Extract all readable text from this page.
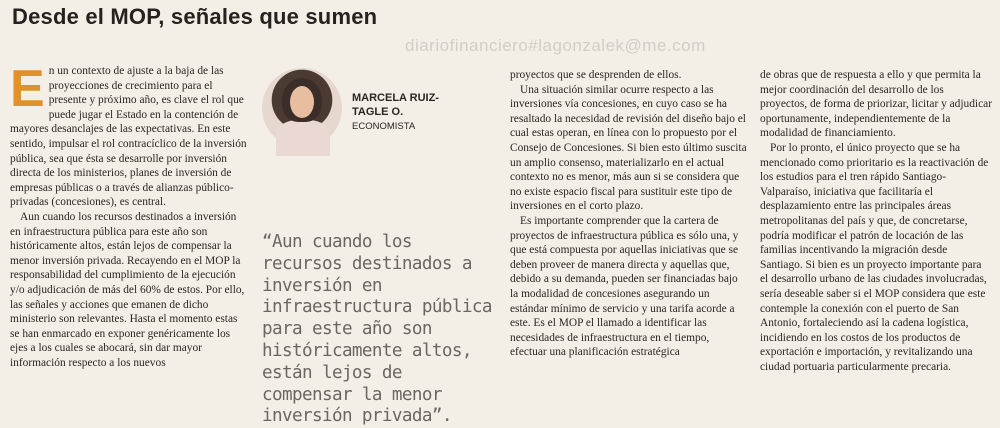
Desde el MOP, señales que sumen
diariofinanciero#lagonzalek@me.com

En un contexto de ajuste a la baja de las proyecciones de crecimiento para el presente y próximo año, es clave el rol que puede jugar el Estado en la contención de mayores desanclajes de las expectativas. En este sentido, impulsar el rol contracíclico de la inversión pública, sea que ésta se desarrolle por inversión directa de los ministerios, planes de inversión de empresas públicas o a través de alianzas público-privadas (concesiones), es central.

Aun cuando los recursos destinados a inversión en infraestructura pública para este año son históricamente altos, están lejos de compensar la menor inversión privada. Recayendo en el MOP la responsabilidad del cumplimiento de la ejecución y/o adjudicación de más del 60% de estos. Por ello, las señales y acciones que emanen de dicho ministerio son relevantes. Hasta el momento estas se han enmarcado en exponer genéricamente los ejes a los cuales se abocará, sin dar mayor información respecto a los nuevos

MARCELA RUIZ-TAGLE O.
ECONOMISTA
“Aun cuando los recursos destinados a inversión en infraestructura pública para este año son históricamente altos, están lejos de compensar la menor inversión privada”.

proyectos que se desprenden de ellos.

Una situación similar ocurre respecto a las inversiones vía concesiones, en cuyo caso se ha resaltado la necesidad de revisión del diseño bajo el cual estas operan, en línea con lo propuesto por el Consejo de Concesiones. Si bien esto último suscita un amplio consenso, materializarlo en el actual contexto no es menor, más aun si se considera que no existe espacio fiscal para sustituir este tipo de inversiones en el corto plazo.

Es importante comprender que la cartera de proyectos de infraestructura pública es sólo una, y que está compuesta por aquellas iniciativas que se deben proveer de manera directa y aquellas que, debido a su demanda, pueden ser financiadas bajo la modalidad de concesiones asegurando un estándar mínimo de servicio y una tarifa acorde a este. Es el MOP el llamado a identificar las necesidades de infraestructura en el tiempo, efectuar una planificación estratégica

de obras que de respuesta a ello y que permita la mejor coordinación del desarrollo de los proyectos, de forma de priorizar, licitar y adjudicar oportunamente, independientemente de la modalidad de financiamiento.

Por lo pronto, el único proyecto que se ha mencionado como prioritario es la reactivación de los estudios para el tren rápido Santiago-Valparaíso, iniciativa que facilitaría el desplazamiento entre las principales áreas metropolitanas del país y que, de concretarse, podría modificar el patrón de locación de las familias incentivando la migración desde Santiago. Si bien es un proyecto importante para el desarrollo urbano de las ciudades involucradas, sería deseable saber si el MOP considera que este contemple la conexión con el puerto de San Antonio, fortaleciendo así la cadena logística, incidiendo en los costos de los productos de exportación e importación, y revitalizando una ciudad portuaria particularmente precaria.
